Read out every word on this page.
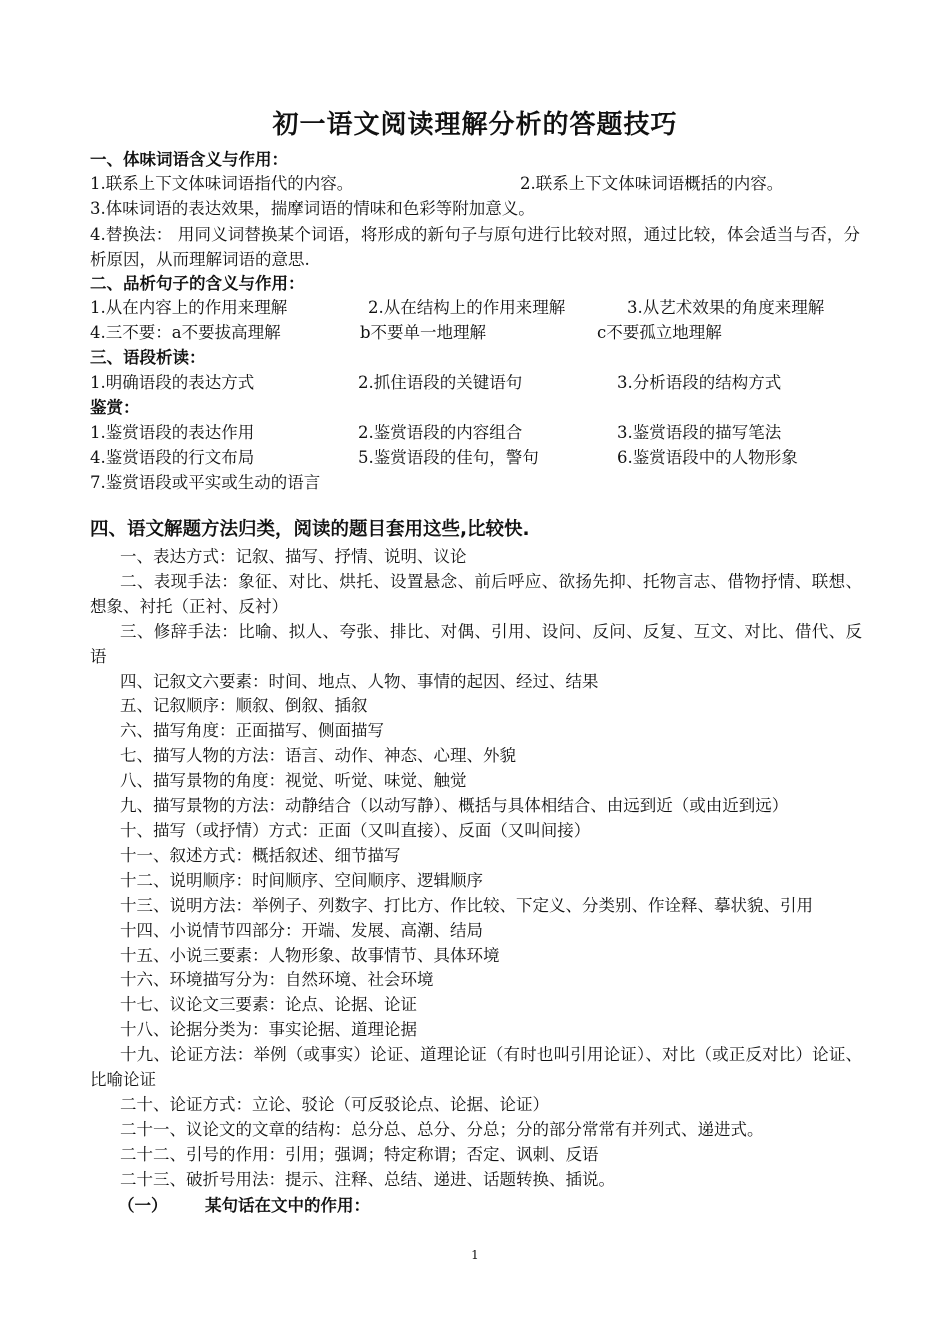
初一语文阅读理解分析的答题技巧
一、体味词语含义与作用：
1.联系上下文体味词语指代的内容。	2.联系上下文体味词语概括的内容。
3.体味词语的表达效果，揣摩词语的情味和色彩等附加意义。
4.替换法： 用同义词替换某个词语，将形成的新句子与原句进行比较对照，通过比较，体会适当与否，分析原因，从而理解词语的意思.
二、品析句子的含义与作用：
1.从在内容上的作用来理解	2.从在结构上的作用来理解	3.从艺术效果的角度来理解
4.三不要：a不要拔高理解	b不要单一地理解	c不要孤立地理解
三、语段析读：
1.明确语段的表达方式	2.抓住语段的关键语句	3.分析语段的结构方式
鉴赏：
1.鉴赏语段的表达作用	2.鉴赏语段的内容组合	3.鉴赏语段的描写笔法
4.鉴赏语段的行文布局	5.鉴赏语段的佳句，警句	6.鉴赏语段中的人物形象
7.鉴赏语段或平实或生动的语言
四、语文解题方法归类，阅读的题目套用这些,比较快.
一、表达方式：记叙、描写、抒情、说明、议论
二、表现手法：象征、对比、烘托、设置悬念、前后呼应、欲扬先抑、托物言志、借物抒情、联想、想象、衬托（正衬、反衬）
三、修辞手法：比喻、拟人、夸张、排比、对偶、引用、设问、反问、反复、互文、对比、借代、反语
四、记叙文六要素：时间、地点、人物、事情的起因、经过、结果
五、记叙顺序：顺叙、倒叙、插叙
六、描写角度：正面描写、侧面描写
七、描写人物的方法：语言、动作、神态、心理、外貌
八、描写景物的角度：视觉、听觉、味觉、触觉
九、描写景物的方法：动静结合（以动写静）、概括与具体相结合、由远到近（或由近到远）
十、描写（或抒情）方式：正面（又叫直接）、反面（又叫间接）
十一、叙述方式：概括叙述、细节描写
十二、说明顺序：时间顺序、空间顺序、逻辑顺序
十三、说明方法：举例子、列数字、打比方、作比较、下定义、分类别、作诠释、摹状貌、引用
十四、小说情节四部分：开端、发展、高潮、结局
十五、小说三要素：人物形象、故事情节、具体环境
十六、环境描写分为：自然环境、社会环境
十七、议论文三要素：论点、论据、论证
十八、论据分类为：事实论据、道理论据
十九、论证方法：举例（或事实）论证、道理论证（有时也叫引用论证）、对比（或正反对比）论证、比喻论证
二十、论证方式：立论、驳论（可反驳论点、论据、论证）
二十一、议论文的文章的结构：总分总、总分、分总；分的部分常常有并列式、递进式。
二十二、引号的作用：引用；强调；特定称谓；否定、讽刺、反语
二十三、破折号用法：提示、注释、总结、递进、话题转换、插说。
（一） 某句话在文中的作用：
1
